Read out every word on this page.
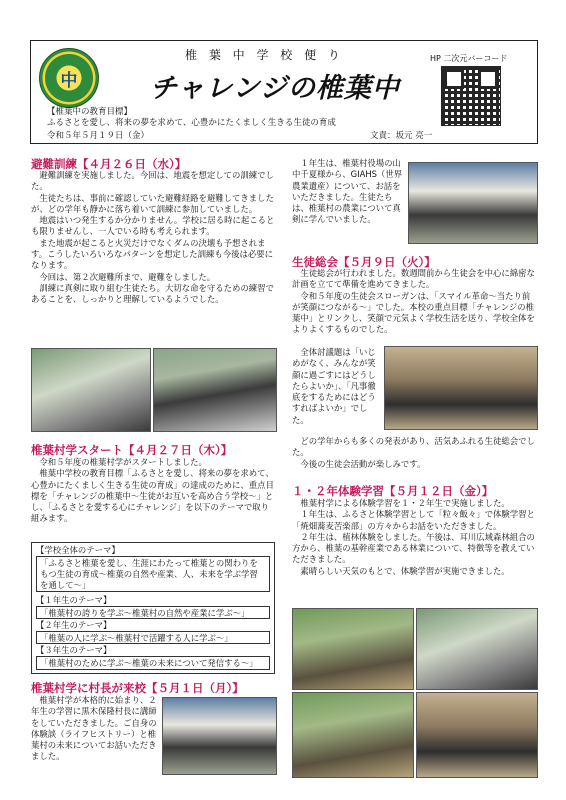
中
椎 葉 中 学 校 便 り
チャレンジの椎葉中
HP 二次元バーコード
【椎葉中の教育目標】
ふるさとを愛し、将来の夢を求めて、心豊かにたくましく生きる生徒の育成
令和５年５月１９日（金）	文責：坂元 亮一
避難訓練【４月２６日（水）】

避難訓練を実施しました。今回は、地震を想定しての訓練でした。

生徒たちは、事前に確認していた避難経路を避難してきましたが、どの学年も静かに落ち着いて訓練に参加していました。

地震はいつ発生するか分かりません。学校に居る時に起こるとも限りませんし、一人でいる時も考えられます。

また地震が起こると火災だけでなくダムの決壊も予想されます。こうしたいろいろなパターンを想定した訓練も今後は必要になります。

今回は、第２次避難所まで、避難をしました。

訓練に真剣に取り組む生徒たち。大切な命を守るための練習であることを、しっかりと理解しているようでした。

椎葉村学スタート【４月２７日（木）】

令和５年度の椎葉村学がスタートしました。

椎葉中学校の教育目標「ふるさとを愛し、将来の夢を求めて、心豊かにたくましく生きる生徒の育成」の達成のために、重点目標を「チャレンジの椎葉中～生徒がお互いを高め合う学校～」とし、「ふるさとを愛する心にチャレンジ」を以下のテーマで取り組みます。

【学校全体のテーマ】
「ふるさと椎葉を愛し、生涯にわたって椎葉との関わりをもつ生徒の育成～椎葉の自然や産業、人、未来を学ぶ学習を通して～」
【１年生のテーマ】
「椎葉村の誇りを学ぶ～椎葉村の自然や産業に学ぶ～」
【２年生のテーマ】
「椎葉の人に学ぶ～椎葉村で活躍する人に学ぶ～」
【３年生のテーマ】
「椎葉村のために学ぶ～椎葉の未来について発信する～」
椎葉村学に村長が来校【５月１日（月）】

椎葉村学が本格的に始まり、２年生の学習に黒木保隆村長に講師をしていただきました。ご自身の体験談（ライフヒストリー）と椎葉村の未来についてお話いただきました。

１年生は、椎葉村役場の山中千夏様から、GIAHS（世界農業遺産）について、お話をいただきました。生徒たちは、椎葉村の農業について真剣に学んでいました。

生徒総会【５月９日（火）】

生徒総会が行われました。数週間前から生徒会を中心に綿密な計画を立てて準備を進めてきました。

令和５年度の生徒会スローガンは、「スマイル革命～当たり前が笑顔につながる～」でした。本校の重点目標「チャレンジの椎葉中」とリンクし、笑顔で元気よく学校生活を送り、学校全体をよりよくするものでした。

全体討議題は「いじめがなく、みんなが笑顔に過ごすにはどうしたらよいか」、「凡事徹底をするためにはどうすればよいか」でした。

どの学年からも多くの発表があり、活気あふれる生徒総会でした。

今後の生徒会活動が楽しみです。

１・２年体験学習【５月１２日（金）】

椎葉村学による体験学習を１・２年生で実施しました。

１年生は、ふるさと体験学習として「粒々飯々」で体験学習と「焼畑蕎麦苦楽部」の方々からお話をいただきました。

２年生は、植林体験をしました。午後は、耳川広域森林組合の方から、椎葉の基幹産業である林業について、特徴等を教えていただきました。

素晴らしい天気のもとで、体験学習が実施できました。
